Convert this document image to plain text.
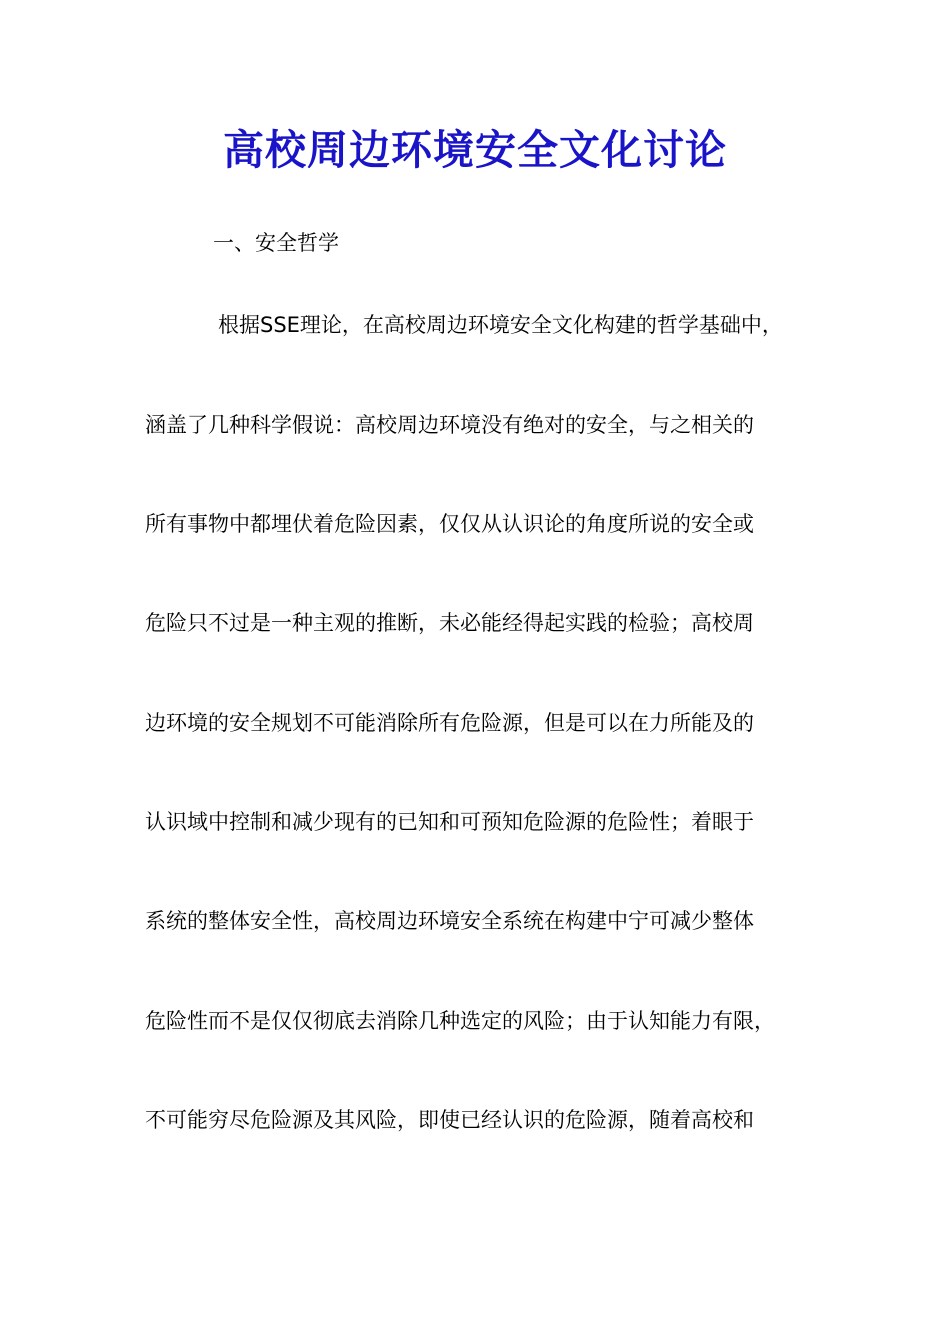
高校周边环境安全文化讨论

一、安全哲学

根据SSE理论，在高校周边环境安全文化构建的哲学基础中，

涵盖了几种科学假说：高校周边环境没有绝对的安全，与之相关的

所有事物中都埋伏着危险因素，仅仅从认识论的角度所说的安全或

危险只不过是一种主观的推断，未必能经得起实践的检验；高校周

边环境的安全规划不可能消除所有危险源，但是可以在力所能及的

认识域中控制和减少现有的已知和可预知危险源的危险性；着眼于

系统的整体安全性，高校周边环境安全系统在构建中宁可减少整体

危险性而不是仅仅彻底去消除几种选定的风险；由于认知能力有限，

不可能穷尽危险源及其风险，即使已经认识的危险源，随着高校和
